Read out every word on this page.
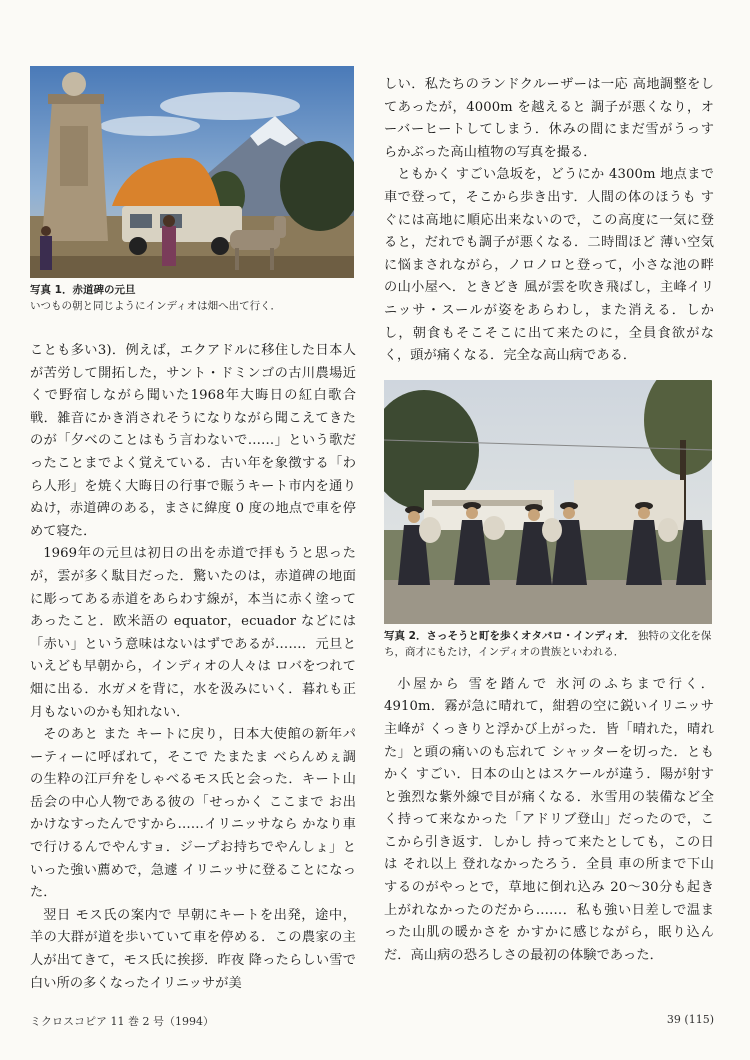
写真 1．赤道碑の元旦
いつもの朝と同じようにインディオは畑へ出て行く．

ことも多い3)．例えば，エクアドルに移住した日本人が苦労して開拓した，サント・ドミンゴの古川農場近くで野宿しながら聞いた1968年大晦日の紅白歌合戦．雑音にかき消されそうになりながら聞こえてきたのが「夕べのことはもう言わないで……」という歌だったことまでよく覚えている．古い年を象徴する「わら人形」を焼く大晦日の行事で賑うキート市内を通りぬけ，赤道碑のある，まさに緯度 0 度の地点で車を停めて寝た．

1969年の元旦は初日の出を赤道で拝もうと思ったが，雲が多く駄目だった．驚いたのは，赤道碑の地面に彫ってある赤道をあらわす線が，本当に赤く塗ってあったこと．欧米語の equator，ecuador などには「赤い」という意味はないはずであるが……．元旦といえども早朝から，インディオの人々は ロバをつれて畑に出る．水ガメを背に，水を汲みにいく．暮れも正月もないのかも知れない．

そのあと また キートに戻り，日本大使館の新年パーティーに呼ばれて，そこで たまたま べらんめぇ調の生粋の江戸弁をしゃべるモス氏と会った．キート山岳会の中心人物である彼の「せっかく ここまで お出かけなすったんですから……イリニッサなら かなり車で行けるんでやんすョ．ジープお持ちでやんしょ」といった強い薦めで，急遽 イリニッサに登ることになった．

翌日 モス氏の案内で 早朝にキートを出発，途中，羊の大群が道を歩いていて車を停める．この農家の主人が出てきて，モス氏に挨拶．昨夜 降ったらしい雪で白い所の多くなったイリニッサが美

しい．私たちのランドクルーザーは一応 高地調整をしてあったが，4000m を越えると 調子が悪くなり，オーバーヒートしてしまう．休みの間にまだ雪がうっすらかぶった高山植物の写真を撮る．

ともかく すごい急坂を，どうにか 4300m 地点まで車で登って，そこから歩き出す．人間の体のほうも すぐには高地に順応出来ないので，この高度に一気に登ると，だれでも調子が悪くなる．二時間ほど 薄い空気に悩まされながら，ノロノロと登って，小さな池の畔の山小屋へ．ときどき 風が雲を吹き飛ばし，主峰イリニッサ・スールが姿をあらわし，また消える．しかし，朝食もそこそこに出て来たのに，全員食欲がなく，頭が痛くなる．完全な高山病である．

写真 2．さっそうと町を歩くオタバロ・インディオ． 独特の文化を保ち，商才にもたけ，インディオの貴族といわれる．

小屋から 雪を踏んで 氷河のふちまで行く．4910m．霧が急に晴れて，紺碧の空に鋭いイリニッサ主峰が くっきりと浮かび上がった．皆「晴れた，晴れた」と頭の痛いのも忘れて シャッターを切った．ともかく すごい．日本の山とはスケールが違う．陽が射すと強烈な紫外線で目が痛くなる．氷雪用の装備など全く持って来なかった「アドリブ登山」だったので，ここから引き返す．しかし 持って来たとしても，この日は それ以上 登れなかったろう．全員 車の所まで下山するのがやっとで，草地に倒れ込み 20～30分も起き上がれなかったのだから……．私も強い日差しで温まった山肌の暖かさを かすかに感じながら，眠り込んだ．高山病の恐ろしさの最初の体験であった．

ミクロスコピア 11 巻 2 号（1994）	39 (115)
